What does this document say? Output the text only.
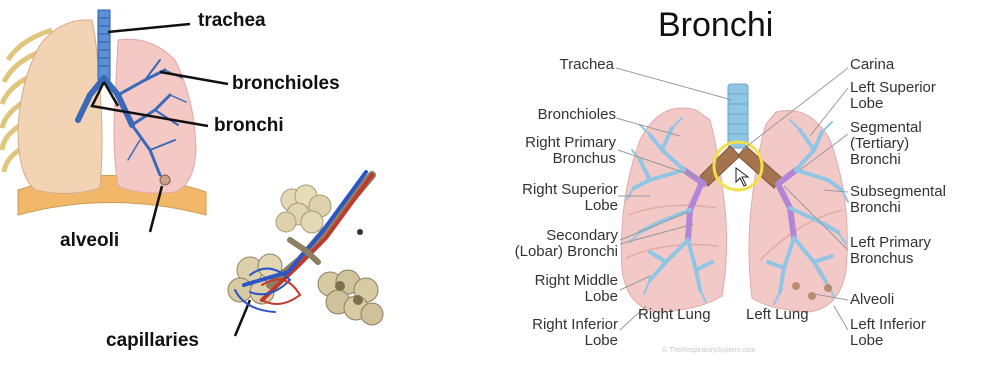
trachea
bronchioles
bronchi
alveoli
capillaries
Bronchi
Trachea
Bronchioles
Right Primary
Bronchus
Right Superior
Lobe
Secondary
(Lobar) Bronchi
Right Middle
Lobe
Right Inferior
Lobe
Right Lung Left Lung
Carina
Left Superior
Lobe
Segmental
(Tertiary)
Bronchi
Subsegmental
Bronchi
Left Primary
Bronchus
Alveoli
Left Inferior
Lobe
© TheRespiratorySystem.com
